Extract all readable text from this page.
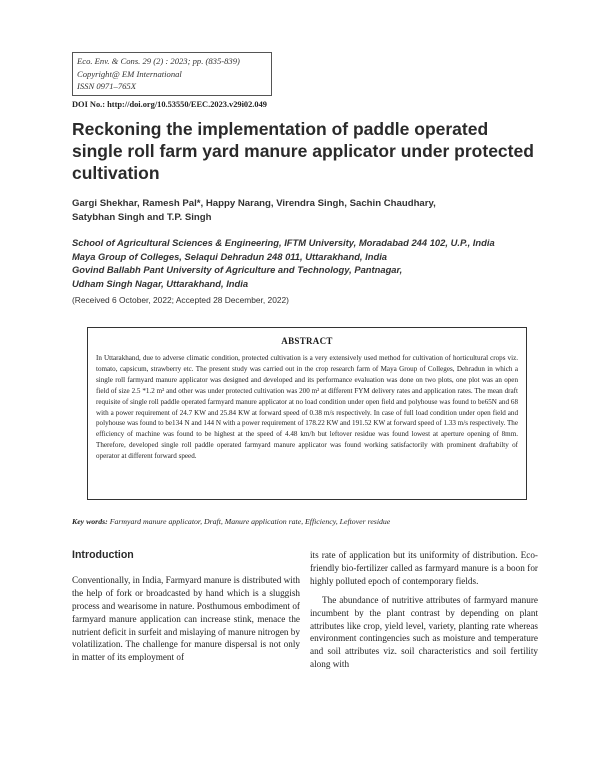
Eco. Env. & Cons. 29 (2) : 2023; pp. (835-839)
Copyright@ EM International
ISSN 0971–765X
DOI No.: http://doi.org/10.53550/EEC.2023.v29i02.049
Reckoning the implementation of paddle operated single roll farm yard manure applicator under protected cultivation
Gargi Shekhar, Ramesh Pal*, Happy Narang, Virendra Singh, Sachin Chaudhary,
Satybhan Singh and T.P. Singh
School of Agricultural Sciences & Engineering, IFTM University, Moradabad 244 102, U.P., India
Maya Group of Colleges, Selaqui Dehradun 248 011, Uttarakhand, India
Govind Ballabh Pant University of Agriculture and Technology, Pantnagar,
Udham Singh Nagar, Uttarakhand, India
(Received 6 October, 2022; Accepted 28 December, 2022)
ABSTRACT

In Uttarakhand, due to adverse climatic condition, protected cultivation is a very extensively used method for cultivation of horticultural crops viz. tomato, capsicum, strawberry etc. The present study was carried out in the crop research farm of Maya Group of Colleges, Dehradun in which a single roll farmyard manure applicator was designed and developed and its performance evaluation was done on two plots, one plot was an open field of size 2.5 *1.2 m² and other was under protected cultivation was 200 m² at different FYM delivery rates and application rates. The mean draft requisite of single roll paddle operated farmyard manure applicator at no load condition under open field and polyhouse was found to be65N and 68 with a power requirement of 24.7 KW and 25.84 KW at forward speed of 0.38 m/s respectively. In case of full load condition under open field and polyhouse was found to be134 N and 144 N with a power requirement of 178.22 KW and 191.52 KW at forward speed of 1.33 m/s respectively. The efficiency of machine was found to be highest at the speed of 4.48 km/h but leftover residue was found lowest at aperture opening of 8mm. Therefore, developed single roll paddle operated farmyard manure applicator was found working satisfactorily with prominent draftabilty of operator at different forward speed.

Key words: Farmyard manure applicator, Draft, Manure application rate, Efficiency, Leftover residue
Introduction

Conventionally, in India, Farmyard manure is distributed with the help of fork or broadcasted by hand which is a sluggish process and wearisome in nature. Posthumous embodiment of farmyard manure application can increase stink, menace the nutrient deficit in surfeit and mislaying of manure nitrogen by volatilization. The challenge for manure dispersal is not only in matter of its employment of

its rate of application but its uniformity of distribution. Eco-friendly bio-fertilizer called as farmyard manure is a boon for highly polluted epoch of contemporary fields.

The abundance of nutritive attributes of farmyard manure incumbent by the plant contrast by depending on plant attributes like crop, yield level, variety, planting rate whereas environment contingencies such as moisture and temperature and soil attributes viz. soil characteristics and soil fertility along with
